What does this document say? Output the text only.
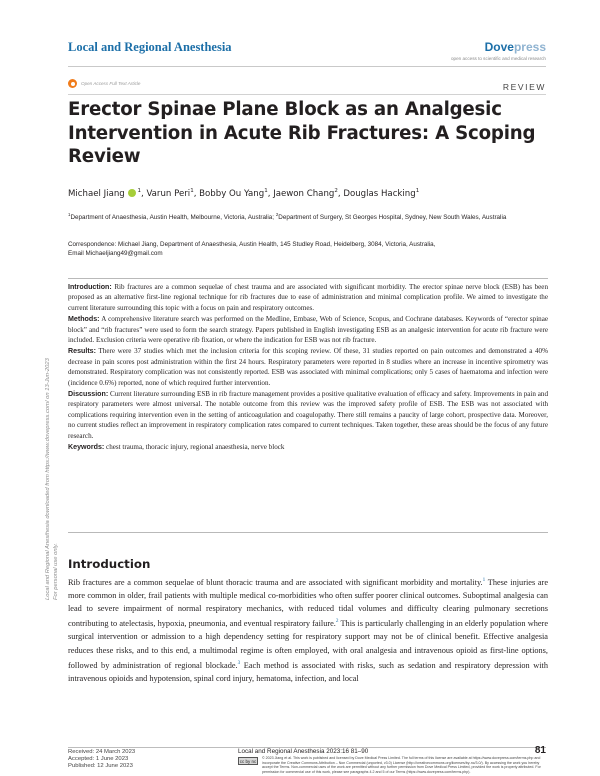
Local and Regional Anesthesia	Dovepress
open access to scientific and medical research
Open Access Full Text Article	REVIEW
Erector Spinae Plane Block as an Analgesic Intervention in Acute Rib Fractures: A Scoping Review
Michael Jiang $^1$, Varun Peri$^1$, Bobby Ou Yang$^1$, Jaewon Chang$^2$, Douglas Hacking$^1$
$^1$Department of Anaesthesia, Austin Health, Melbourne, Victoria, Australia; $^2$Department of Surgery, St Georges Hospital, Sydney, New South Wales, Australia
Correspondence: Michael Jiang, Department of Anaesthesia, Austin Health, 145 Studley Road, Heidelberg, 3084, Victoria, Australia,
Email Michaeljiang49@gmail.com

Introduction: Rib fractures are a common sequelae of chest trauma and are associated with significant morbidity. The erector spinae nerve block (ESB) has been proposed as an alternative first-line regional technique for rib fractures due to ease of administration and minimal complication profile. We aimed to investigate the current literature surrounding this topic with a focus on pain and respiratory outcomes.

Methods: A comprehensive literature search was performed on the Medline, Embase, Web of Science, Scopus, and Cochrane databases. Keywords of “erector spinae block” and “rib fractures” were used to form the search strategy. Papers published in English investigating ESB as an analgesic intervention for acute rib fracture were included. Exclusion criteria were operative rib fixation, or where the indication for ESB was not rib fracture.

Results: There were 37 studies which met the inclusion criteria for this scoping review. Of these, 31 studies reported on pain outcomes and demonstrated a 40% decrease in pain scores post administration within the first 24 hours. Respiratory parameters were reported in 8 studies where an increase in incentive spirometry was demonstrated. Respiratory complication was not consistently reported. ESB was associated with minimal complications; only 5 cases of haematoma and infection were (incidence 0.6%) reported, none of which required further intervention.

Discussion: Current literature surrounding ESB in rib fracture management provides a positive qualitative evaluation of efficacy and safety. Improvements in pain and respiratory parameters were almost universal. The notable outcome from this review was the improved safety profile of ESB. The ESB was not associated with complications requiring intervention even in the setting of anticoagulation and coagulopathy. There still remains a paucity of large cohort, prospective data. Moreover, no current studies reflect an improvement in respiratory complication rates compared to current techniques. Taken together, these areas should be the focus of any future research.

Keywords: chest trauma, thoracic injury, regional anaesthesia, nerve block

Introduction

Rib fractures are a common sequelae of blunt thoracic trauma and are associated with significant morbidity and mortality.$^1$ These injuries are more common in older, frail patients with multiple medical co-morbidities who often suffer poorer clinical outcomes. Suboptimal analgesia can lead to severe impairment of normal respiratory mechanics, with reduced tidal volumes and difficulty clearing pulmonary secretions contributing to atelectasis, hypoxia, pneumonia, and eventual respiratory failure.$^2$ This is particularly challenging in an elderly population where surgical intervention or admission to a high dependency setting for respiratory support may not be of clinical benefit. Effective analgesia reduces these risks, and to this end, a multimodal regime is often employed, with oral analgesia and intravenous opioid as first-line options, followed by administration of regional blockade.$^3$ Each method is associated with risks, such as sedation and respiratory depression with intravenous opioids and hypotension, spinal cord injury, hematoma, infection, and local

Local and Regional Anesthesia downloaded from https://www.dovepress.com/ on 13-Jun-2023 For personal use only.
Received: 24 March 2023
Accepted: 1 June 2023
Published: 12 June 2023
Local and Regional Anesthesia 2023:16 81–90	81
cc by nc
© 2023 Jiang et al. This work is published and licensed by Dove Medical Press Limited. The full terms of this license are available at https://www.dovepress.com/terms.php and incorporate the Creative Commons Attribution – Non Commercial (unported, v3.0) License (http://creativecommons.org/licenses/by-nc/3.0/). By accessing the work you hereby accept the Terms. Non-commercial uses of the work are permitted without any further permission from Dove Medical Press Limited, provided the work is properly attributed. For permission for commercial use of this work, please see paragraphs 4.2 and 5 of our Terms (https://www.dovepress.com/terms.php).
